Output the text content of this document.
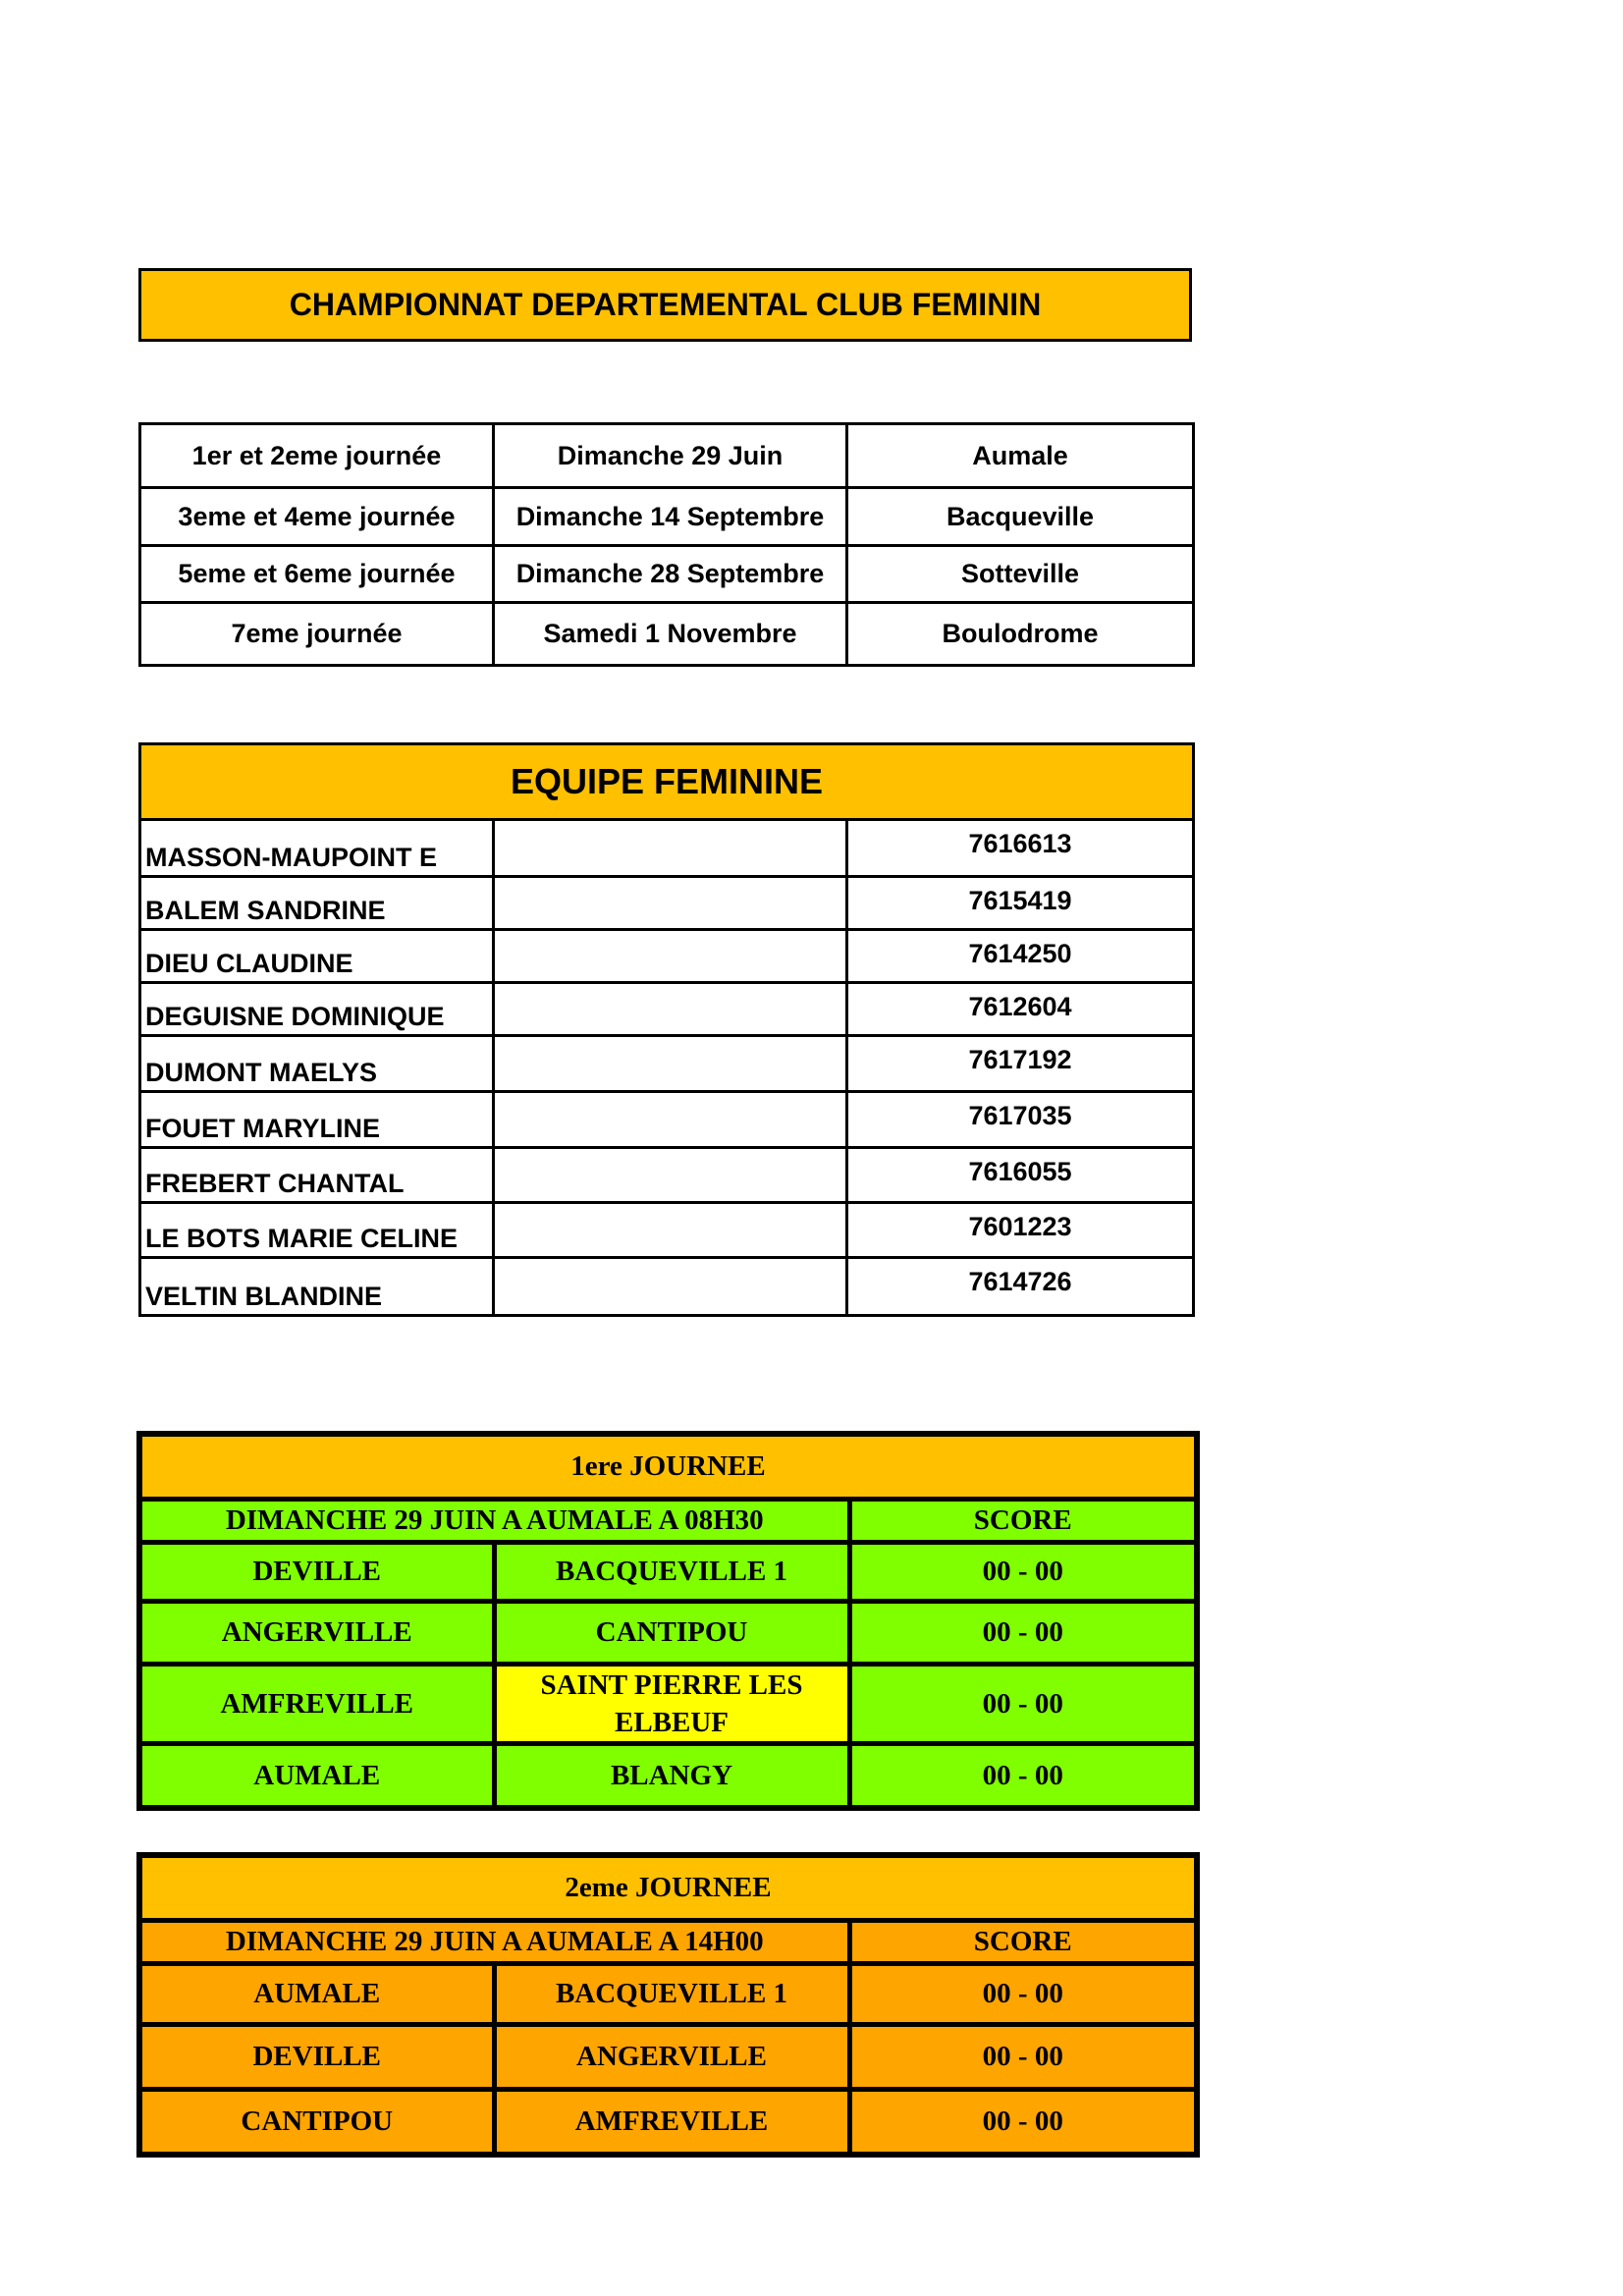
CHAMPIONNAT DEPARTEMENTAL CLUB FEMININ
1er et 2eme journée	Dimanche 29 Juin	Aumale
3eme et 4eme journée	Dimanche 14 Septembre	Bacqueville
5eme et 6eme journée	Dimanche 28 Septembre	Sotteville
7eme journée	Samedi 1 Novembre	Boulodrome
EQUIPE FEMININE		
MASSON-MAUPOINT E		7616613
BALEM SANDRINE		7615419
DIEU CLAUDINE		7614250
DEGUISNE DOMINIQUE		7612604
DUMONT MAELYS		7617192
FOUET MARYLINE		7617035
FREBERT CHANTAL		7616055
LE BOTS MARIE CELINE		7601223
VELTIN BLANDINE		7614726
1ere JOURNEE		
DIMANCHE 29 JUIN A AUMALE A 08H30		SCORE
DEVILLE	BACQUEVILLE 1	00 - 00
ANGERVILLE	CANTIPOU	00 - 00
AMFREVILLE	SAINT PIERRE LES ELBEUF	00 - 00
AUMALE	BLANGY	00 - 00
2eme JOURNEE		
DIMANCHE 29 JUIN A AUMALE A 14H00		SCORE
AUMALE	BACQUEVILLE 1	00 - 00
DEVILLE	ANGERVILLE	00 - 00
CANTIPOU	AMFREVILLE	00 - 00
